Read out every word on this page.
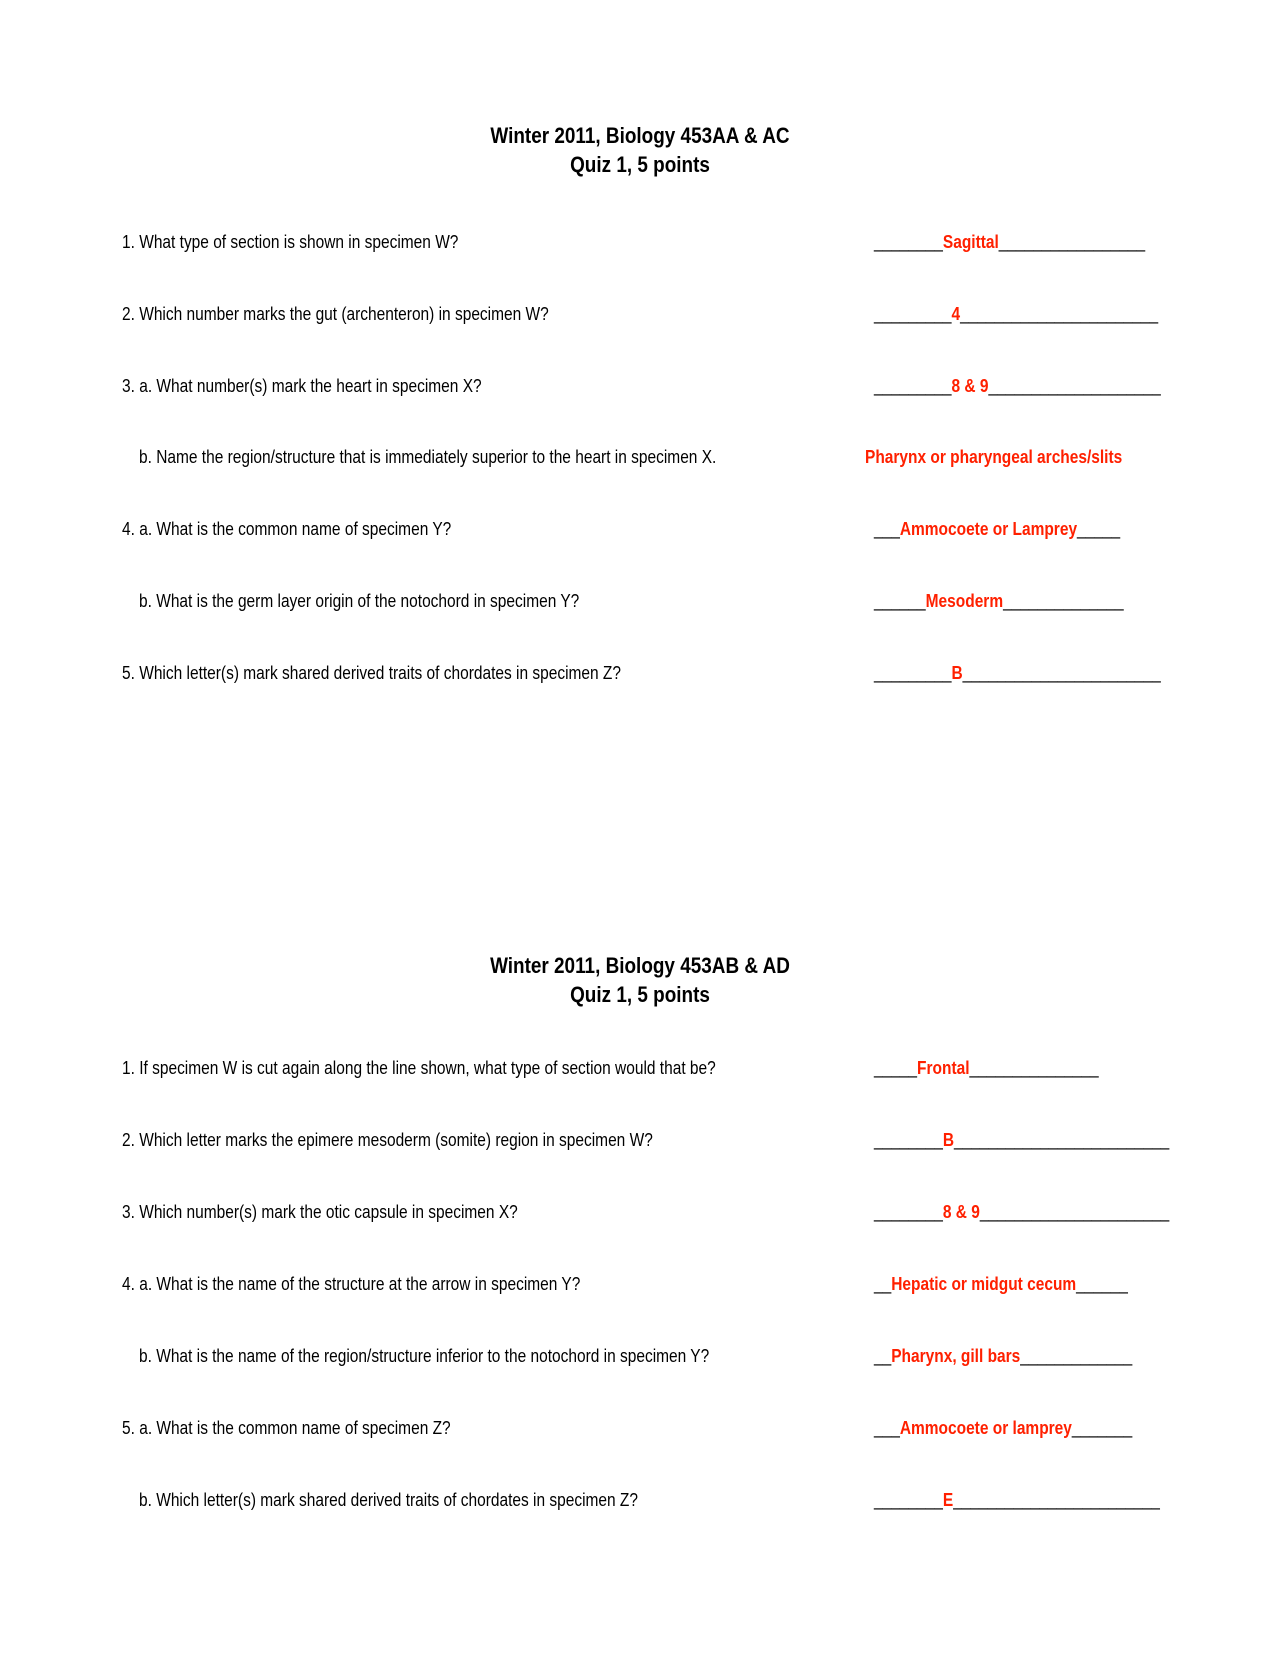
Winter 2011, Biology 453AA & AC
Quiz 1, 5 points
1. What type of section is shown in specimen W?	________Sagittal_________________
2. Which number marks the gut (archenteron) in specimen W?	_________4_______________________
3. a. What number(s) mark the heart in specimen X?	_________8 & 9____________________
b. Name the region/structure that is immediately superior to the heart in specimen X.	Pharynx or pharyngeal arches/slits
4. a. What is the common name of specimen Y?	___Ammocoete or Lamprey_____
b. What is the germ layer origin of the notochord in specimen Y?	______Mesoderm______________
5. Which letter(s) mark shared derived traits of chordates in specimen Z?	_________B_______________________
Winter 2011, Biology 453AB & AD
Quiz 1, 5 points
1. If specimen W is cut again along the line shown, what type of section would that be?	_____Frontal_______________
2. Which letter marks the epimere mesoderm (somite) region in specimen W?	________B_________________________
3. Which number(s) mark the otic capsule in specimen X?	________8 & 9______________________
4. a. What is the name of the structure at the arrow in specimen Y?	__Hepatic or midgut cecum______
b. What is the name of the region/structure inferior to the notochord in specimen Y?	__Pharynx, gill bars_____________
5. a. What is the common name of specimen Z?	___Ammocoete or lamprey_______
b. Which letter(s) mark shared derived traits of chordates in specimen Z?	________E________________________
